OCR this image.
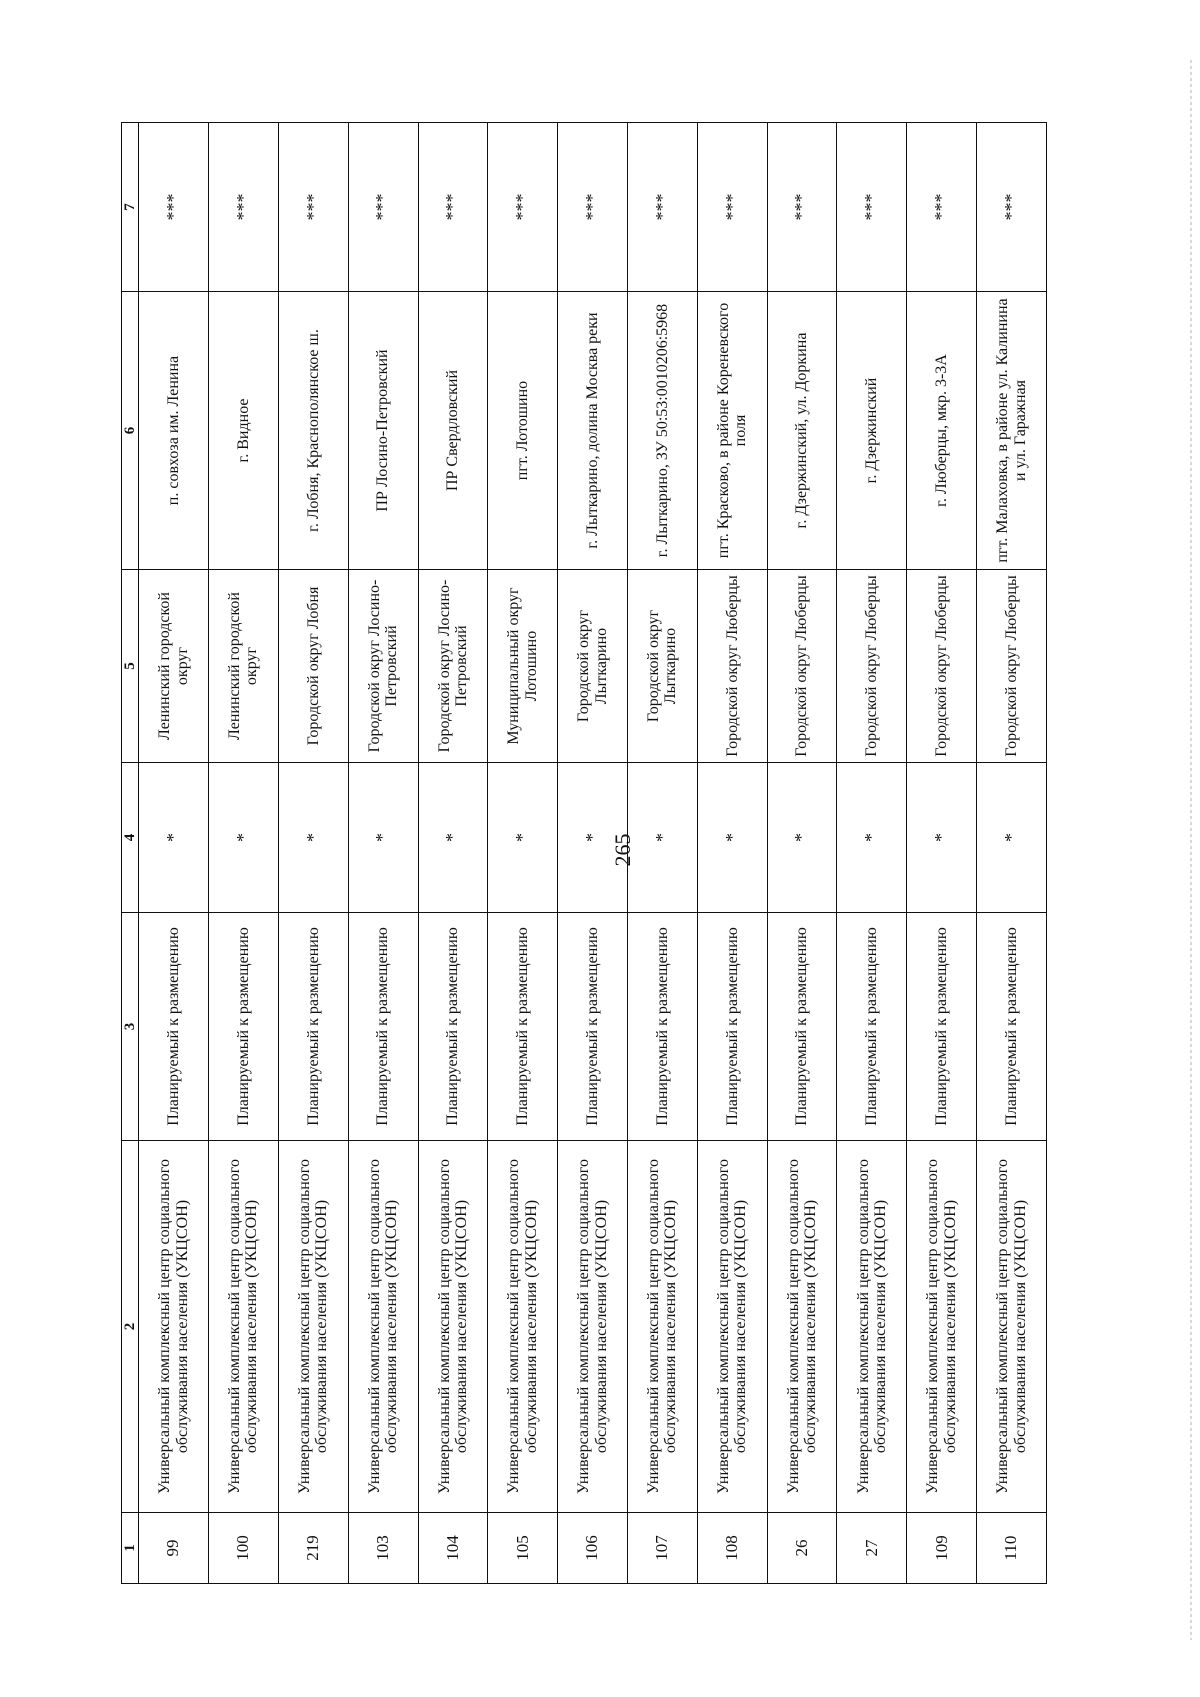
265
1	2	3	4	5	6	7
99	Универсальный комплексный центр социального обслуживания населения (УКЦСОН)	Планируемый к размещению	*	Ленинский городской округ	п. совхоза им. Ленина	***
100	Универсальный комплексный центр социального обслуживания населения (УКЦСОН)	Планируемый к размещению	*	Ленинский городской округ	г. Видное	***
219	Универсальный комплексный центр социального обслуживания населения (УКЦСОН)	Планируемый к размещению	*	Городской округ Лобня	г. Лобня, Краснополянское ш.	***
103	Универсальный комплексный центр социального обслуживания населения (УКЦСОН)	Планируемый к размещению	*	Городской округ Лосино-Петровский	ПР Лосино-Петровский	***
104	Универсальный комплексный центр социального обслуживания населения (УКЦСОН)	Планируемый к размещению	*	Городской округ Лосино-Петровский	ПР Свердловский	***
105	Универсальный комплексный центр социального обслуживания населения (УКЦСОН)	Планируемый к размещению	*	Муниципальный округ Лотошино	пгт. Лотошино	***
106	Универсальный комплексный центр социального обслуживания населения (УКЦСОН)	Планируемый к размещению	*	Городской округ Лыткарино	г. Лыткарино, долина Москва реки	***
107	Универсальный комплексный центр социального обслуживания населения (УКЦСОН)	Планируемый к размещению	*	Городской округ Лыткарино	г. Лыткарино, ЗУ 50:53:0010206:5968	***
108	Универсальный комплексный центр социального обслуживания населения (УКЦСОН)	Планируемый к размещению	*	Городской округ Люберцы	пгт. Красково, в районе Кореневского поля	***
26	Универсальный комплексный центр социального обслуживания населения (УКЦСОН)	Планируемый к размещению	*	Городской округ Люберцы	г. Дзержинский, ул. Доркина	***
27	Универсальный комплексный центр социального обслуживания населения (УКЦСОН)	Планируемый к размещению	*	Городской округ Люберцы	г. Дзержинский	***
109	Универсальный комплексный центр социального обслуживания населения (УКЦСОН)	Планируемый к размещению	*	Городской округ Люберцы	г. Люберцы, мкр. 3-3А	***
110	Универсальный комплексный центр социального обслуживания населения (УКЦСОН)	Планируемый к размещению	*	Городской округ Люберцы	пгт. Малаховка, в районе ул. Калинина и ул. Гаражная	***
